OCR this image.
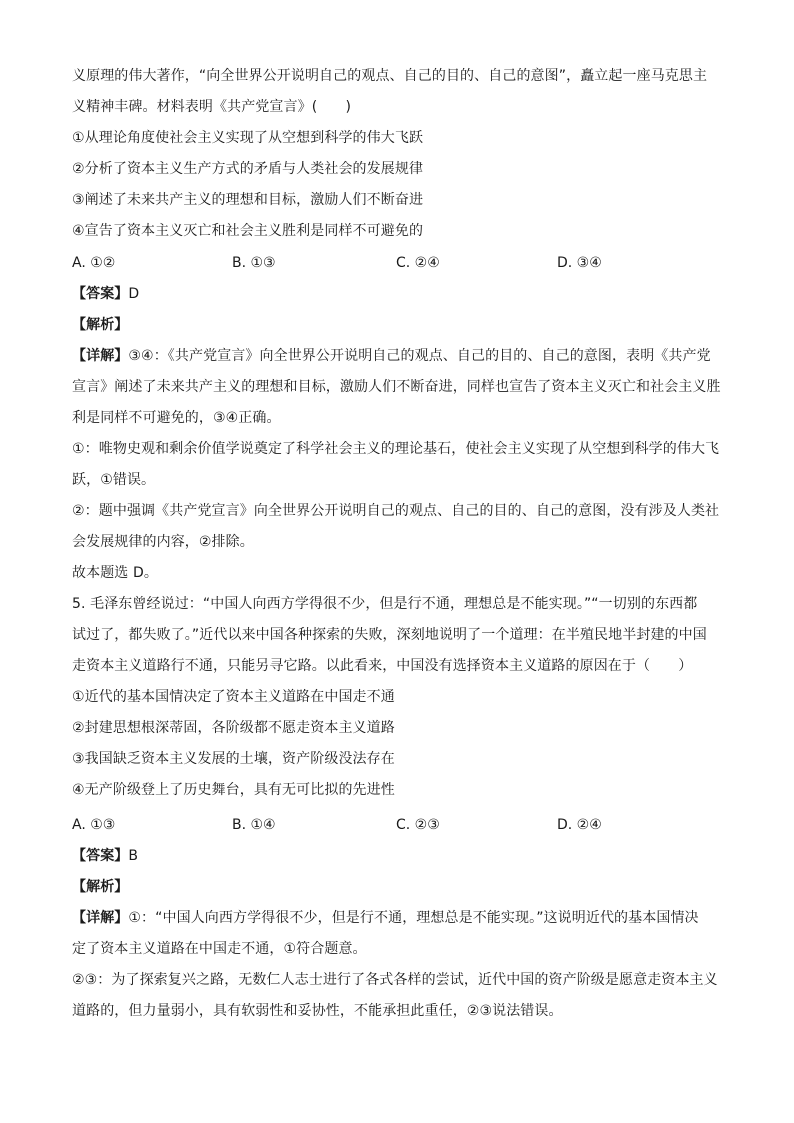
义原理的伟大著作，“向全世界公开说明自己的观点、自己的目的、自己的意图”，矗立起一座马克思主
义精神丰碑。材料表明《共产党宣言》(　　)
①从理论角度使社会主义实现了从空想到科学的伟大飞跃
②分析了资本主义生产方式的矛盾与人类社会的发展规律
③阐述了未来共产主义的理想和目标，激励人们不断奋进
④宣告了资本主义灭亡和社会主义胜利是同样不可避免的
A. ①②	B. ①③	C. ②④	D. ③④
【答案】D
【解析】
【详解】③④：《共产党宣言》向全世界公开说明自己的观点、自己的目的、自己的意图，表明《共产党
宣言》阐述了未来共产主义的理想和目标，激励人们不断奋进，同样也宣告了资本主义灭亡和社会主义胜
利是同样不可避免的，③④正确。
①：唯物史观和剩余价值学说奠定了科学社会主义的理论基石，使社会主义实现了从空想到科学的伟大飞
跃，①错误。
②：题中强调《共产党宣言》向全世界公开说明自己的观点、自己的目的、自己的意图，没有涉及人类社
会发展规律的内容，②排除。
故本题选 D。
5. 毛泽东曾经说过：“中国人向西方学得很不少，但是行不通，理想总是不能实现。”“一切别的东西都
试过了，都失败了。”近代以来中国各种探索的失败，深刻地说明了一个道理：在半殖民地半封建的中国
走资本主义道路行不通，只能另寻它路。以此看来，中国没有选择资本主义道路的原因在于（　　）
①近代的基本国情决定了资本主义道路在中国走不通
②封建思想根深蒂固，各阶级都不愿走资本主义道路
③我国缺乏资本主义发展的土壤，资产阶级没法存在
④无产阶级登上了历史舞台，具有无可比拟的先进性
A. ①③	B. ①④	C. ②③	D. ②④
【答案】B
【解析】
【详解】①：“中国人向西方学得很不少，但是行不通，理想总是不能实现。”这说明近代的基本国情决
定了资本主义道路在中国走不通，①符合题意。
②③：为了探索复兴之路，无数仁人志士进行了各式各样的尝试，近代中国的资产阶级是愿意走资本主义
道路的，但力量弱小，具有软弱性和妥协性，不能承担此重任，②③说法错误。
